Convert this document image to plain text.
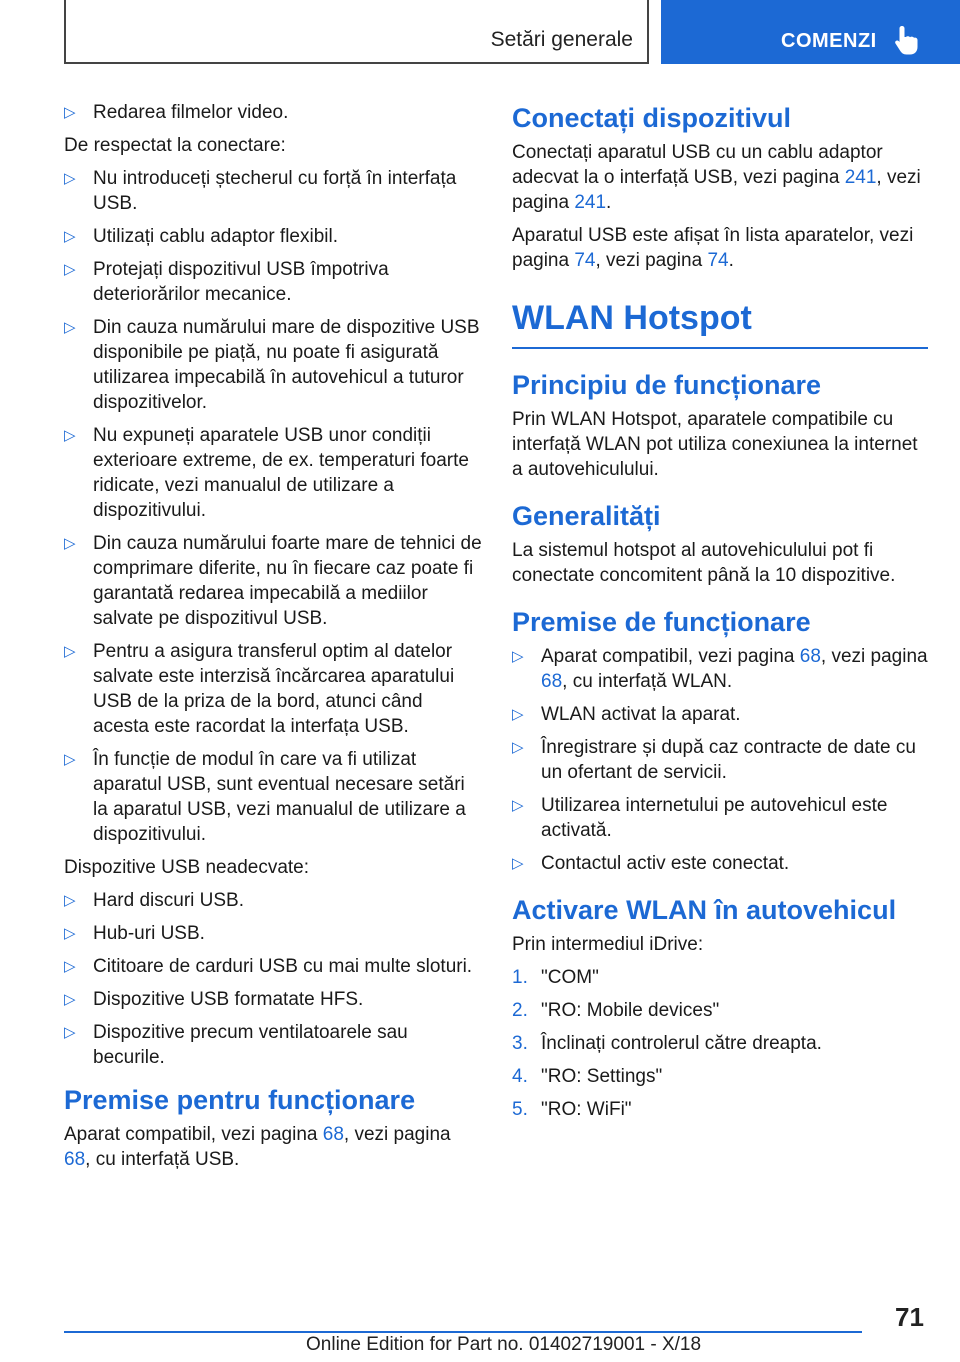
Setări generale	COMENZI
▷ Redarea filmelor video.

De respectat la conectare:

▷ Nu introduceți ștecherul cu forță în interfața USB.
▷ Utilizați cablu adaptor flexibil.
▷ Protejați dispozitivul USB împotriva deteriorărilor mecanice.
▷ Din cauza numărului mare de dispozitive USB disponibile pe piață, nu poate fi asigurată utilizarea impecabilă în autovehicul a tuturor dispozitivelor.
▷ Nu expuneți aparatele USB unor condiții exterioare extreme, de ex. temperaturi foarte ridicate, vezi manualul de utilizare a dispozitivului.
▷ Din cauza numărului foarte mare de tehnici de comprimare diferite, nu în fiecare caz poate fi garantată redarea impecabilă a mediilor salvate pe dispozitivul USB.
▷ Pentru a asigura transferul optim al datelor salvate este interzisă încărcarea aparatului USB de la priza de la bord, atunci când acesta este racordat la interfața USB.
▷ În funcție de modul în care va fi utilizat aparatul USB, sunt eventual necesare setări la aparatul USB, vezi manualul de utilizare a dispozitivului.

Dispozitive USB neadecvate:

▷ Hard discuri USB.
▷ Hub-uri USB.
▷ Cititoare de carduri USB cu mai multe sloturi.
▷ Dispozitive USB formatate HFS.
▷ Dispozitive precum ventilatoarele sau becurile.
Premise pentru funcționare

Aparat compatibil, vezi pagina 68, vezi pagina 68, cu interfață USB.

Conectați dispozitivul

Conectați aparatul USB cu un cablu adaptor adecvat la o interfață USB, vezi pagina 241, vezi pagina 241.

Aparatul USB este afișat în lista aparatelor, vezi pagina 74, vezi pagina 74.

WLAN Hotspot
Principiu de funcționare

Prin WLAN Hotspot, aparatele compatibile cu interfață WLAN pot utiliza conexiunea la internet a autovehiculului.

Generalități

La sistemul hotspot al autovehiculului pot fi conectate concomitent până la 10 dispozitive.

Premise de funcționare
▷ Aparat compatibil, vezi pagina 68, vezi pagina 68, cu interfață WLAN.
▷ WLAN activat la aparat.
▷ Înregistrare și după caz contracte de date cu un ofertant de servicii.
▷ Utilizarea internetului pe autovehicul este activată.
▷ Contactul activ este conectat.
Activare WLAN în autovehicul

Prin intermediul iDrive:

1. "COM"
2. "RO: Mobile devices"
3. Înclinați controlerul către dreapta.
4. "RO: Settings"
5. "RO: WiFi"
71
Online Edition for Part no. 01402719001 - X/18
